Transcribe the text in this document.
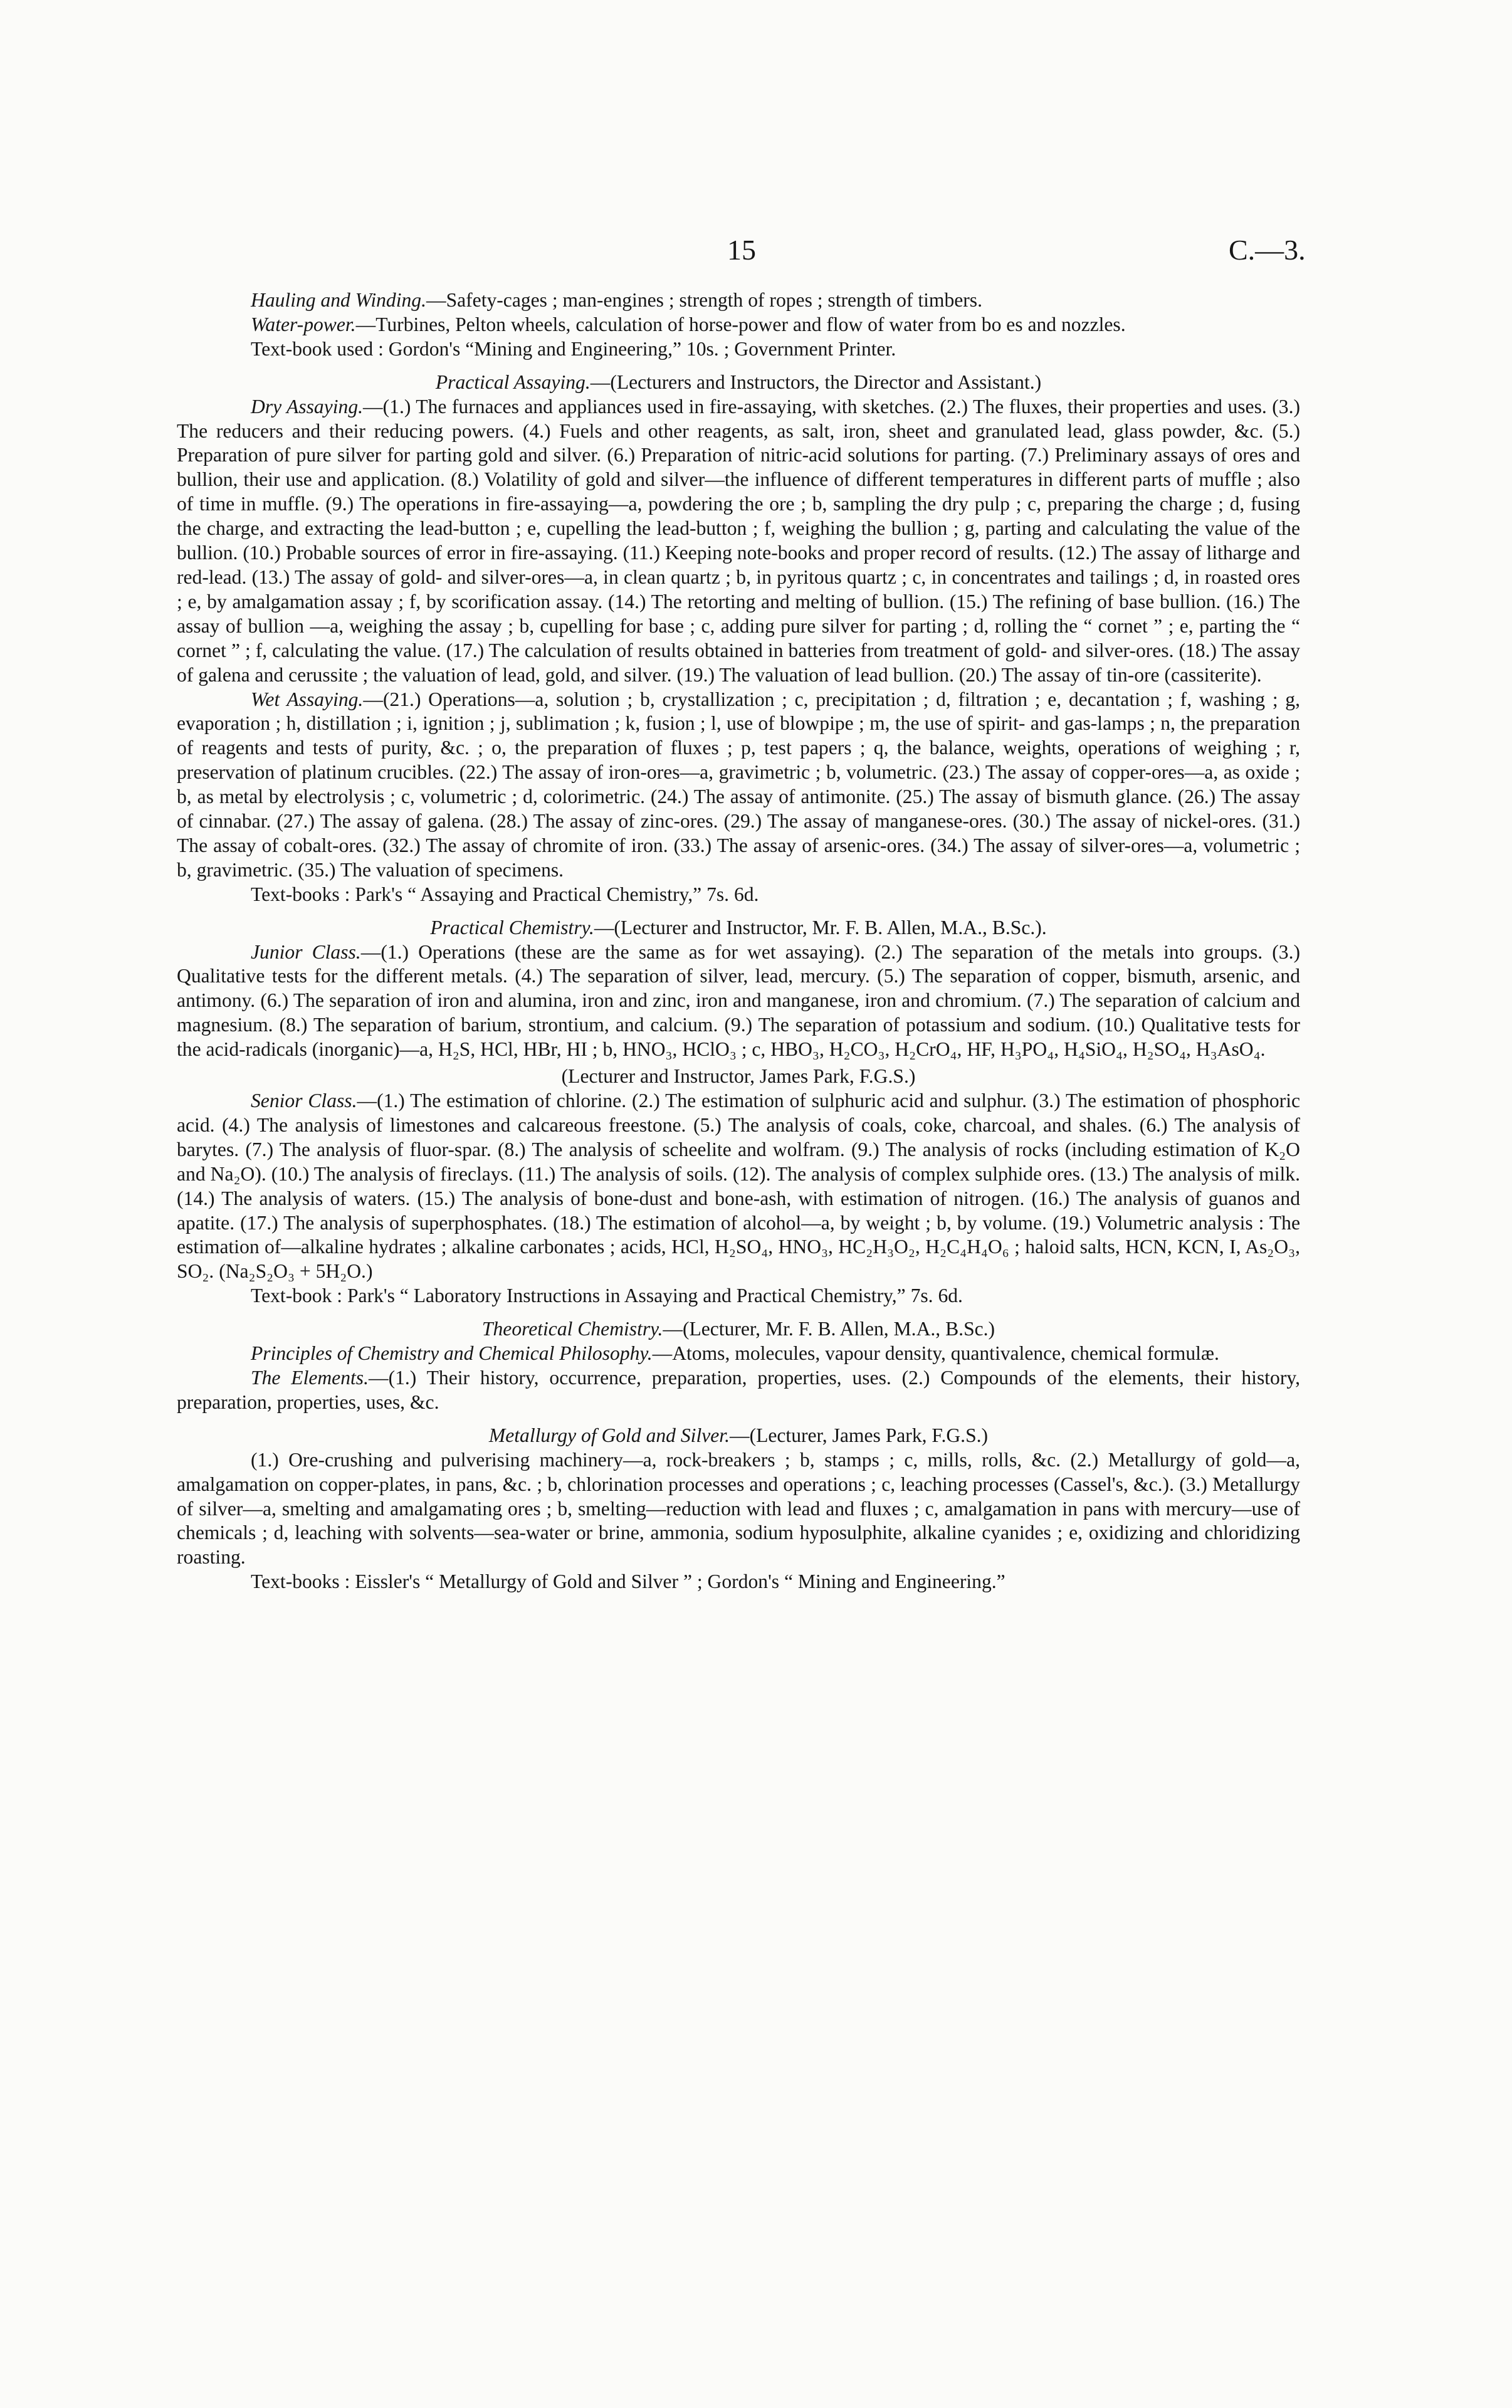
15	C.—3.

Hauling and Winding.—Safety-cages ; man-engines ; strength of ropes ; strength of timbers.

Water-power.—Turbines, Pelton wheels, calculation of horse-power and flow of water from bo es and nozzles.

Text-book used : Gordon's “Mining and Engineering,” 10s. ; Government Printer.

Practical Assaying.—(Lecturers and Instructors, the Director and Assistant.)

Dry Assaying.—(1.) The furnaces and appliances used in fire-assaying, with sketches. (2.) The fluxes, their properties and uses. (3.) The reducers and their reducing powers. (4.) Fuels and other reagents, as salt, iron, sheet and granulated lead, glass powder, &c. (5.) Preparation of pure silver for parting gold and silver. (6.) Preparation of nitric-acid solutions for parting. (7.) Preliminary assays of ores and bullion, their use and application. (8.) Volatility of gold and silver—the influence of different temperatures in different parts of muffle ; also of time in muffle. (9.) The operations in fire-assaying—a, powdering the ore ; b, sampling the dry pulp ; c, preparing the charge ; d, fusing the charge, and extracting the lead-button ; e, cupelling the lead-button ; f, weighing the bullion ; g, parting and calculating the value of the bullion. (10.) Probable sources of error in fire-assaying. (11.) Keeping note-books and proper record of results. (12.) The assay of litharge and red-lead. (13.) The assay of gold- and silver-ores—a, in clean quartz ; b, in pyritous quartz ; c, in concentrates and tailings ; d, in roasted ores ; e, by amalgamation assay ; f, by scorification assay. (14.) The retorting and melting of bullion. (15.) The refining of base bullion. (16.) The assay of bullion —a, weighing the assay ; b, cupelling for base ; c, adding pure silver for parting ; d, rolling the “ cornet ” ; e, parting the “ cornet ” ; f, calculating the value. (17.) The calculation of results obtained in batteries from treatment of gold- and silver-ores. (18.) The assay of galena and cerussite ; the valuation of lead, gold, and silver. (19.) The valuation of lead bullion. (20.) The assay of tin-ore (cassiterite).

Wet Assaying.—(21.) Operations—a, solution ; b, crystallization ; c, precipitation ; d, filtration ; e, decantation ; f, washing ; g, evaporation ; h, distillation ; i, ignition ; j, sublimation ; k, fusion ; l, use of blowpipe ; m, the use of spirit- and gas-lamps ; n, the preparation of reagents and tests of purity, &c. ; o, the preparation of fluxes ; p, test papers ; q, the balance, weights, operations of weighing ; r, preservation of platinum crucibles. (22.) The assay of iron-ores—a, gravimetric ; b, volumetric. (23.) The assay of copper-ores—a, as oxide ; b, as metal by electrolysis ; c, volumetric ; d, colorimetric. (24.) The assay of antimonite. (25.) The assay of bismuth glance. (26.) The assay of cinnabar. (27.) The assay of galena. (28.) The assay of zinc-ores. (29.) The assay of manganese-ores. (30.) The assay of nickel-ores. (31.) The assay of cobalt-ores. (32.) The assay of chromite of iron. (33.) The assay of arsenic-ores. (34.) The assay of silver-ores—a, volumetric ; b, gravimetric. (35.) The valuation of specimens.

Text-books : Park's “ Assaying and Practical Chemistry,” 7s. 6d.

Practical Chemistry.—(Lecturer and Instructor, Mr. F. B. Allen, M.A., B.Sc.).

Junior Class.—(1.) Operations (these are the same as for wet assaying). (2.) The separation of the metals into groups. (3.) Qualitative tests for the different metals. (4.) The separation of silver, lead, mercury. (5.) The separation of copper, bismuth, arsenic, and antimony. (6.) The separation of iron and alumina, iron and zinc, iron and manganese, iron and chromium. (7.) The separation of calcium and magnesium. (8.) The separation of barium, strontium, and calcium. (9.) The separation of potassium and sodium. (10.) Qualitative tests for the acid-radicals (inorganic)—a, H₂S, HCl, HBr, HI ; b, HNO₃, HClO₃ ; c, HBO₃, H₂CO₃, H₂CrO₄, HF, H₃PO₄, H₄SiO₄, H₂SO₄, H₃AsO₄.

(Lecturer and Instructor, James Park, F.G.S.)

Senior Class.—(1.) The estimation of chlorine. (2.) The estimation of sulphuric acid and sulphur. (3.) The estimation of phosphoric acid. (4.) The analysis of limestones and calcareous freestone. (5.) The analysis of coals, coke, charcoal, and shales. (6.) The analysis of barytes. (7.) The analysis of fluor-spar. (8.) The analysis of scheelite and wolfram. (9.) The analysis of rocks (including estimation of K₂O and Na₂O). (10.) The analysis of fireclays. (11.) The analysis of soils. (12). The analysis of complex sulphide ores. (13.) The analysis of milk. (14.) The analysis of waters. (15.) The analysis of bone-dust and bone-ash, with estimation of nitrogen. (16.) The analysis of guanos and apatite. (17.) The analysis of superphosphates. (18.) The estimation of alcohol—a, by weight ; b, by volume. (19.) Volumetric analysis : The estimation of—alkaline hydrates ; alkaline carbonates ; acids, HCl, H₂SO₄, HNO₃, HC₂H₃O₂, H₂C₄H₄O₆ ; haloid salts, HCN, KCN, I, As₂O₃, SO₂. (Na₂S₂O₃ + 5H₂O.)

Text-book : Park's “ Laboratory Instructions in Assaying and Practical Chemistry,” 7s. 6d.

Theoretical Chemistry.—(Lecturer, Mr. F. B. Allen, M.A., B.Sc.)

Principles of Chemistry and Chemical Philosophy.—Atoms, molecules, vapour density, quantivalence, chemical formulæ.

The Elements.—(1.) Their history, occurrence, preparation, properties, uses. (2.) Compounds of the elements, their history, preparation, properties, uses, &c.

Metallurgy of Gold and Silver.—(Lecturer, James Park, F.G.S.)

(1.) Ore-crushing and pulverising machinery—a, rock-breakers ; b, stamps ; c, mills, rolls, &c. (2.) Metallurgy of gold—a, amalgamation on copper-plates, in pans, &c. ; b, chlorination processes and operations ; c, leaching processes (Cassel's, &c.). (3.) Metallurgy of silver—a, smelting and amalgamating ores ; b, smelting—reduction with lead and fluxes ; c, amalgamation in pans with mercury—use of chemicals ; d, leaching with solvents—sea-water or brine, ammonia, sodium hyposulphite, alkaline cyanides ; e, oxidizing and chloridizing roasting.

Text-books : Eissler's “ Metallurgy of Gold and Silver ” ; Gordon's “ Mining and Engineering.”
